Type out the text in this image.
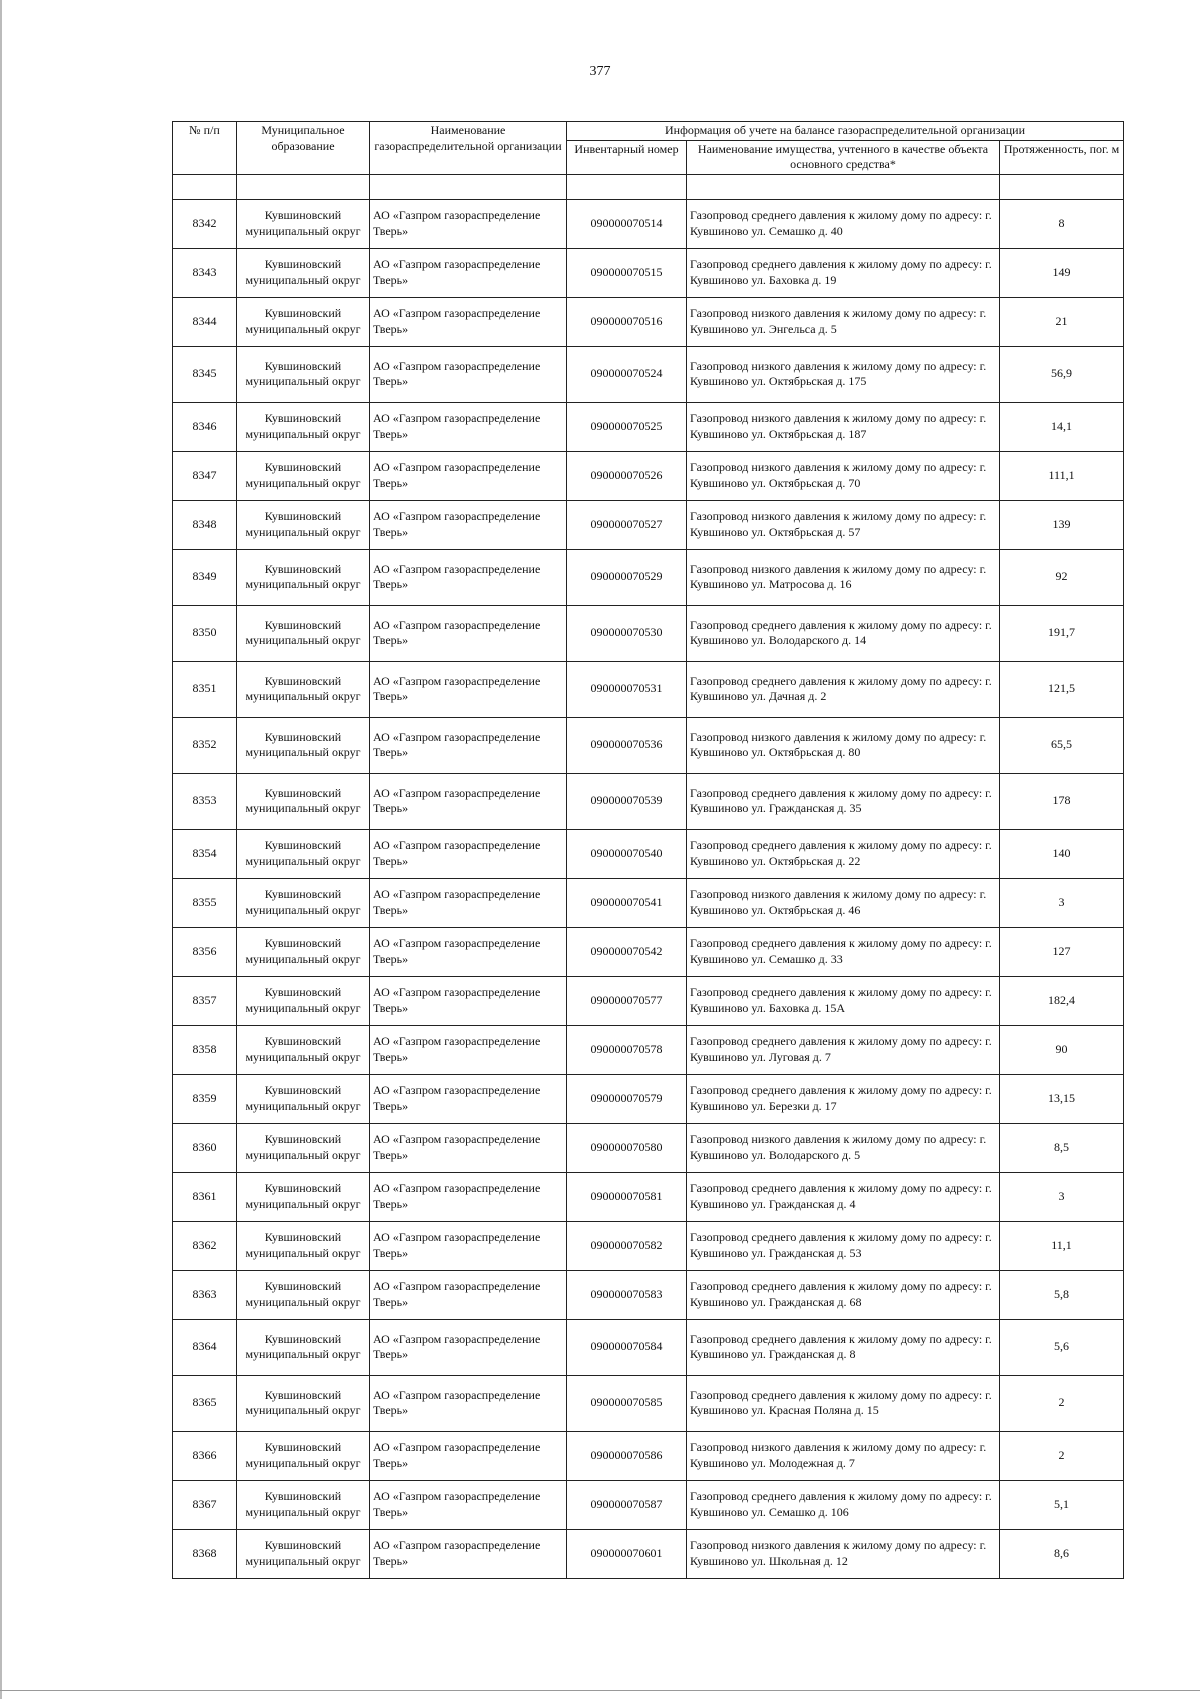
377
№ п/п	Муниципальное образование	Наименование газораспределительной организации	Информация об учете на балансе газораспределительной организации		
			Инвентарный номер	Наименование имущества, учтенного в качестве объекта основного средства*	Протяженность, пог. м

8342	Кувшиновский муниципальный округ	АО «Газпром газораспределение Тверь»	090000070514	Газопровод среднего давления к жилому дому по адресу: г. Кувшиново ул. Семашко д. 40	8
8343	Кувшиновский муниципальный округ	АО «Газпром газораспределение Тверь»	090000070515	Газопровод среднего давления к жилому дому по адресу: г. Кувшиново ул. Баховка д. 19	149
8344	Кувшиновский муниципальный округ	АО «Газпром газораспределение Тверь»	090000070516	Газопровод низкого давления к жилому дому по адресу: г. Кувшиново ул. Энгельса д. 5	21
8345	Кувшиновский муниципальный округ	АО «Газпром газораспределение Тверь»	090000070524	Газопровод низкого давления к жилому дому по адресу: г. Кувшиново ул. Октябрьская д. 175	56,9
8346	Кувшиновский муниципальный округ	АО «Газпром газораспределение Тверь»	090000070525	Газопровод низкого давления к жилому дому по адресу: г. Кувшиново ул. Октябрьская д. 187	14,1
8347	Кувшиновский муниципальный округ	АО «Газпром газораспределение Тверь»	090000070526	Газопровод низкого давления к жилому дому по адресу: г. Кувшиново ул. Октябрьская д. 70	111,1
8348	Кувшиновский муниципальный округ	АО «Газпром газораспределение Тверь»	090000070527	Газопровод низкого давления к жилому дому по адресу: г. Кувшиново ул. Октябрьская д. 57	139
8349	Кувшиновский муниципальный округ	АО «Газпром газораспределение Тверь»	090000070529	Газопровод низкого давления к жилому дому по адресу: г. Кувшиново ул. Матросова д. 16	92
8350	Кувшиновский муниципальный округ	АО «Газпром газораспределение Тверь»	090000070530	Газопровод среднего давления к жилому дому по адресу: г. Кувшиново ул. Володарского д. 14	191,7
8351	Кувшиновский муниципальный округ	АО «Газпром газораспределение Тверь»	090000070531	Газопровод среднего давления к жилому дому по адресу: г. Кувшиново ул. Дачная д. 2	121,5
8352	Кувшиновский муниципальный округ	АО «Газпром газораспределение Тверь»	090000070536	Газопровод низкого давления к жилому дому по адресу: г. Кувшиново ул. Октябрьская д. 80	65,5
8353	Кувшиновский муниципальный округ	АО «Газпром газораспределение Тверь»	090000070539	Газопровод среднего давления к жилому дому по адресу: г. Кувшиново ул. Гражданская д. 35	178
8354	Кувшиновский муниципальный округ	АО «Газпром газораспределение Тверь»	090000070540	Газопровод среднего давления к жилому дому по адресу: г. Кувшиново ул. Октябрьская д. 22	140
8355	Кувшиновский муниципальный округ	АО «Газпром газораспределение Тверь»	090000070541	Газопровод низкого давления к жилому дому по адресу: г. Кувшиново ул. Октябрьская д. 46	3
8356	Кувшиновский муниципальный округ	АО «Газпром газораспределение Тверь»	090000070542	Газопровод среднего давления к жилому дому по адресу: г. Кувшиново ул. Семашко д. 33	127
8357	Кувшиновский муниципальный округ	АО «Газпром газораспределение Тверь»	090000070577	Газопровод среднего давления к жилому дому по адресу: г. Кувшиново ул. Баховка д. 15А	182,4
8358	Кувшиновский муниципальный округ	АО «Газпром газораспределение Тверь»	090000070578	Газопровод среднего давления к жилому дому по адресу: г. Кувшиново ул. Луговая д. 7	90
8359	Кувшиновский муниципальный округ	АО «Газпром газораспределение Тверь»	090000070579	Газопровод среднего давления к жилому дому по адресу: г. Кувшиново ул. Березки д. 17	13,15
8360	Кувшиновский муниципальный округ	АО «Газпром газораспределение Тверь»	090000070580	Газопровод низкого давления к жилому дому по адресу: г. Кувшиново ул. Володарского д. 5	8,5
8361	Кувшиновский муниципальный округ	АО «Газпром газораспределение Тверь»	090000070581	Газопровод среднего давления к жилому дому по адресу: г. Кувшиново ул. Гражданская д. 4	3
8362	Кувшиновский муниципальный округ	АО «Газпром газораспределение Тверь»	090000070582	Газопровод среднего давления к жилому дому по адресу: г. Кувшиново ул. Гражданская д. 53	11,1
8363	Кувшиновский муниципальный округ	АО «Газпром газораспределение Тверь»	090000070583	Газопровод среднего давления к жилому дому по адресу: г. Кувшиново ул. Гражданская д. 68	5,8
8364	Кувшиновский муниципальный округ	АО «Газпром газораспределение Тверь»	090000070584	Газопровод среднего давления к жилому дому по адресу: г. Кувшиново ул. Гражданская д. 8	5,6
8365	Кувшиновский муниципальный округ	АО «Газпром газораспределение Тверь»	090000070585	Газопровод среднего давления к жилому дому по адресу: г. Кувшиново ул. Красная Поляна д. 15	2
8366	Кувшиновский муниципальный округ	АО «Газпром газораспределение Тверь»	090000070586	Газопровод низкого давления к жилому дому по адресу: г. Кувшиново ул. Молодежная д. 7	2
8367	Кувшиновский муниципальный округ	АО «Газпром газораспределение Тверь»	090000070587	Газопровод среднего давления к жилому дому по адресу: г. Кувшиново ул. Семашко д. 106	5,1
8368	Кувшиновский муниципальный округ	АО «Газпром газораспределение Тверь»	090000070601	Газопровод низкого давления к жилому дому по адресу: г. Кувшиново ул. Школьная д. 12	8,6
